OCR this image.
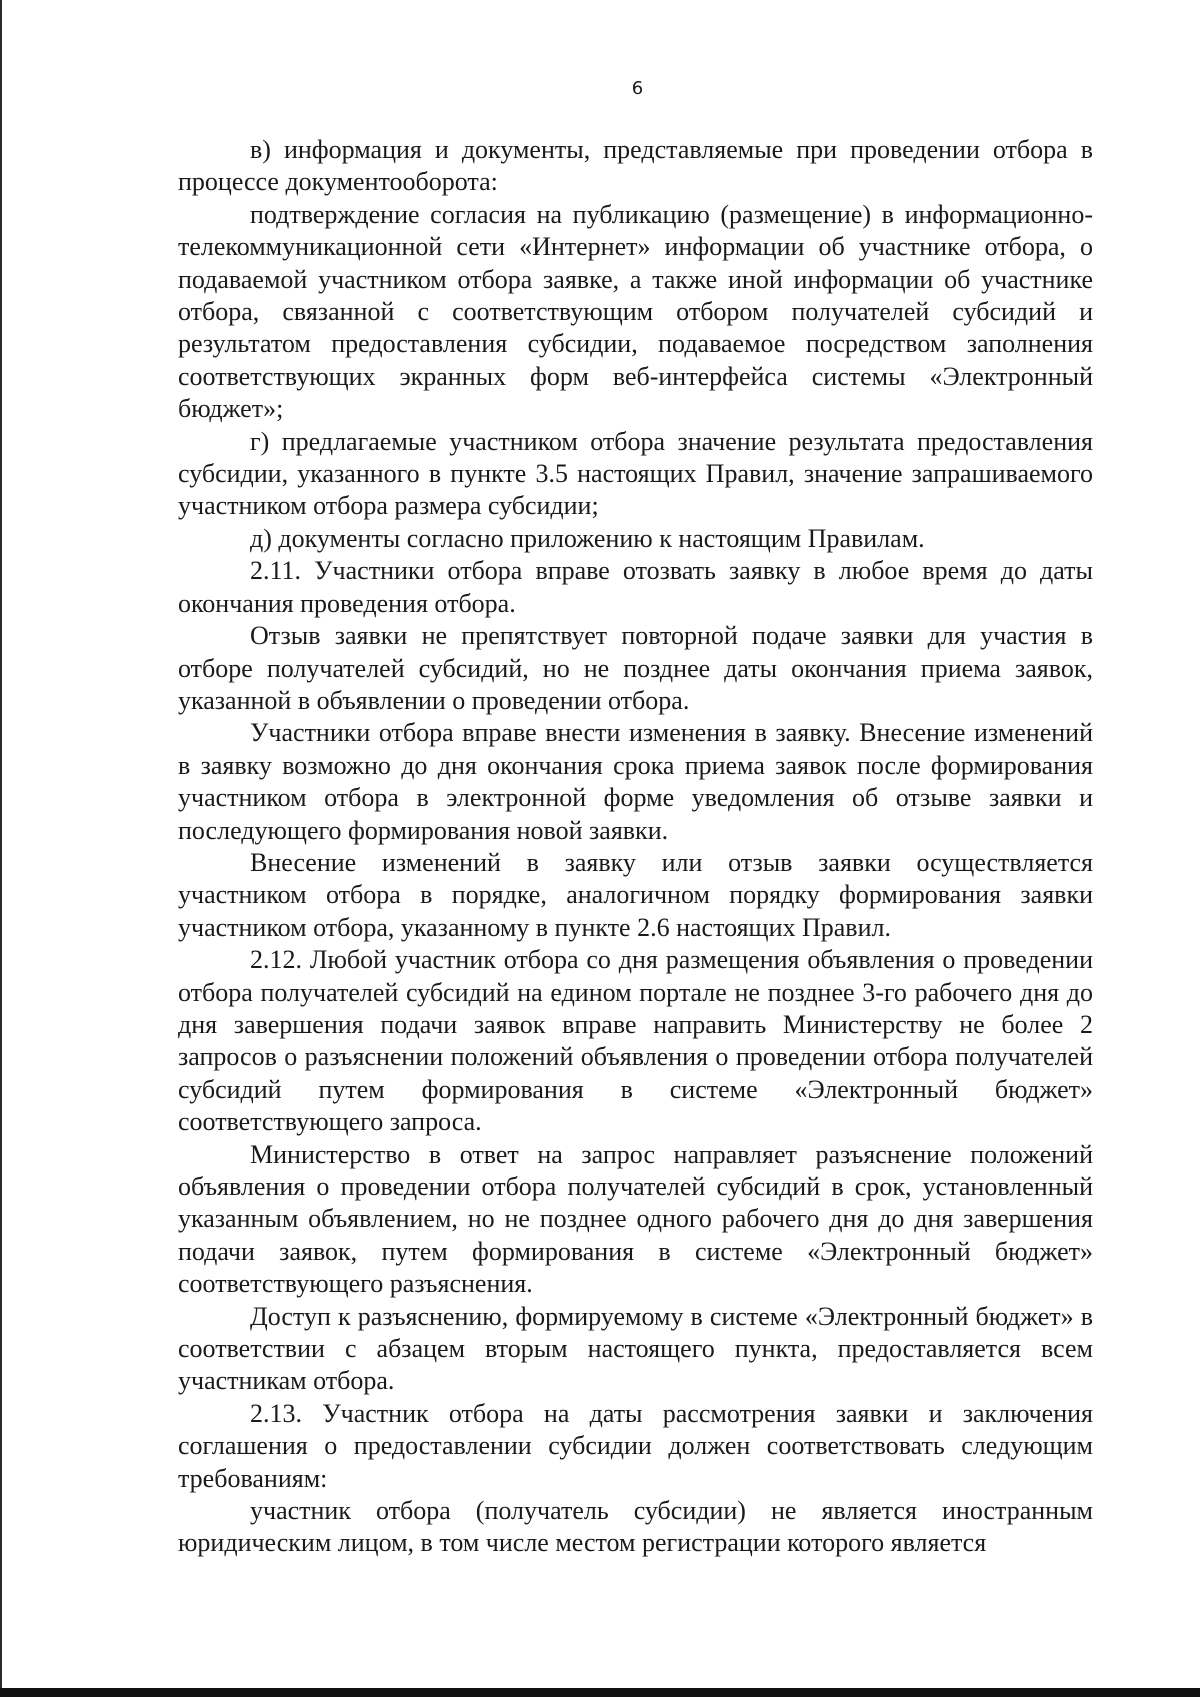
6

в) информация и документы, представляемые при проведении отбора в процессе документооборота:

подтверждение согласия на публикацию (размещение) в информационно-телекоммуникационной сети «Интернет» информации об участнике отбора, о подаваемой участником отбора заявке, а также иной информации об участнике отбора, связанной с соответствующим отбором получателей субсидий и результатом предоставления субсидии, подаваемое посредством заполнения соответствующих экранных форм веб-интерфейса системы «Электронный бюджет»;

г) предлагаемые участником отбора значение результата предоставления субсидии, указанного в пункте 3.5 настоящих Правил, значение запрашиваемого участником отбора размера субсидии;

д) документы согласно приложению к настоящим Правилам.

2.11. Участники отбора вправе отозвать заявку в любое время до даты окончания проведения отбора.

Отзыв заявки не препятствует повторной подаче заявки для участия в отборе получателей субсидий, но не позднее даты окончания приема заявок, указанной в объявлении о проведении отбора.

Участники отбора вправе внести изменения в заявку. Внесение изменений в заявку возможно до дня окончания срока приема заявок после формирования участником отбора в электронной форме уведомления об отзыве заявки и последующего формирования новой заявки.

Внесение изменений в заявку или отзыв заявки осуществляется участником отбора в порядке, аналогичном порядку формирования заявки участником отбора, указанному в пункте 2.6 настоящих Правил.

2.12. Любой участник отбора со дня размещения объявления о проведении отбора получателей субсидий на едином портале не позднее 3-го рабочего дня до дня завершения подачи заявок вправе направить Министерству не более 2 запросов о разъяснении положений объявления о проведении отбора получателей субсидий путем формирования в системе «Электронный бюджет» соответствующего запроса.

Министерство в ответ на запрос направляет разъяснение положений объявления о проведении отбора получателей субсидий в срок, установленный указанным объявлением, но не позднее одного рабочего дня до дня завершения подачи заявок, путем формирования в системе «Электронный бюджет» соответствующего разъяснения.

Доступ к разъяснению, формируемому в системе «Электронный бюджет» в соответствии с абзацем вторым настоящего пункта, предоставляется всем участникам отбора.

2.13. Участник отбора на даты рассмотрения заявки и заключения соглашения о предоставлении субсидии должен соответствовать следующим требованиям:

участник отбора (получатель субсидии) не является иностранным юридическим лицом, в том числе местом регистрации которого является
